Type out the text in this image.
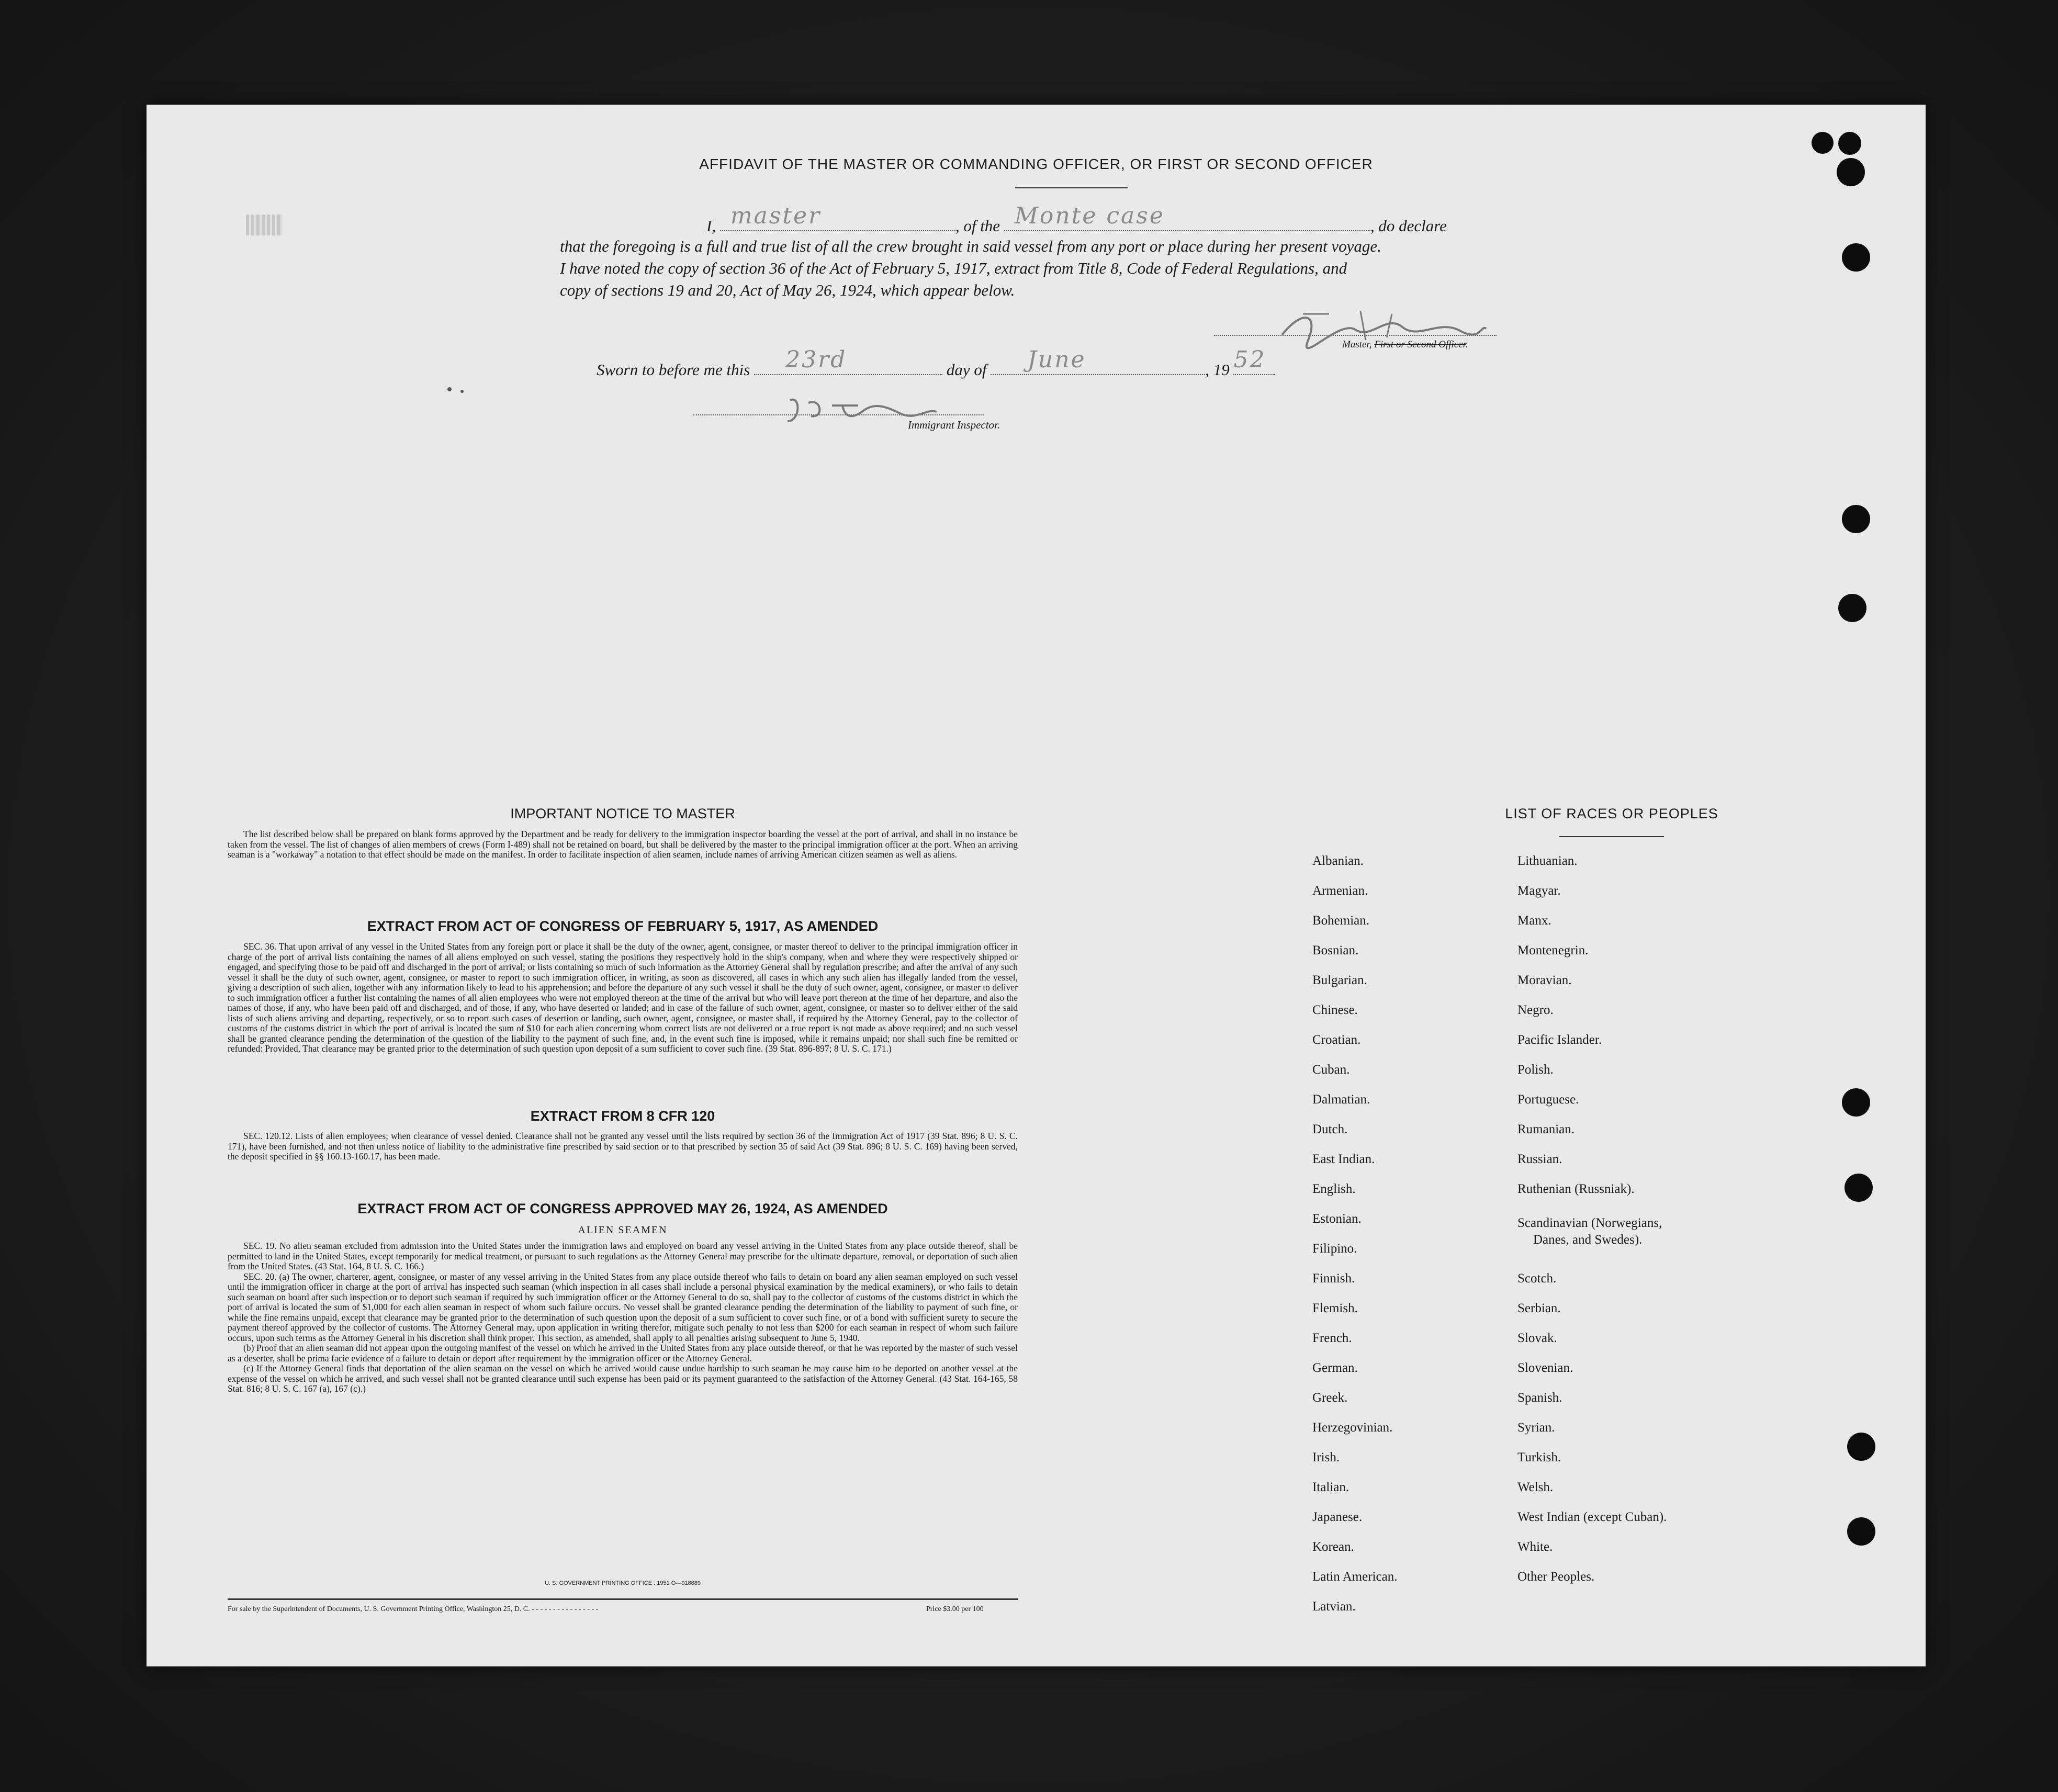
AFFIDAVIT OF THE MASTER OR COMMANDING OFFICER, OR FIRST OR SECOND OFFICER
I, master	, of the Monte case	, do declare
that the foregoing is a full and true list of all the crew brought in said vessel from any port or place during her present voyage.
I have noted the copy of section 36 of the Act of February 5, 1917, extract from Title 8, Code of Federal Regulations, and
copy of sections 19 and 20, Act of May 26, 1924, which appear below.
Master, First or Second Officer.
Sworn to before me this 23rd	day of June	, 19 52
Immigrant Inspector.
IMPORTANT NOTICE TO MASTER

The list described below shall be prepared on blank forms approved by the Department and be ready for delivery to the immigration inspector boarding the vessel at the port of arrival, and shall in no instance be taken from the vessel. The list of changes of alien members of crews (Form I-489) shall not be retained on board, but shall be delivered by the master to the principal immigration officer at the port. When an arriving seaman is a "workaway" a notation to that effect should be made on the manifest. In order to facilitate inspection of alien seamen, include names of arriving American citizen seamen as well as aliens.

EXTRACT FROM ACT OF CONGRESS OF FEBRUARY 5, 1917, AS AMENDED

SEC. 36. That upon arrival of any vessel in the United States from any foreign port or place it shall be the duty of the owner, agent, consignee, or master thereof to deliver to the principal immigration officer in charge of the port of arrival lists containing the names of all aliens employed on such vessel, stating the positions they respectively hold in the ship's company, when and where they were respectively shipped or engaged, and specifying those to be paid off and discharged in the port of arrival; or lists containing so much of such information as the Attorney General shall by regulation prescribe; and after the arrival of any such vessel it shall be the duty of such owner, agent, consignee, or master to report to such immigration officer, in writing, as soon as discovered, all cases in which any such alien has illegally landed from the vessel, giving a description of such alien, together with any information likely to lead to his apprehension; and before the departure of any such vessel it shall be the duty of such owner, agent, consignee, or master to deliver to such immigration officer a further list containing the names of all alien employees who were not employed thereon at the time of the arrival but who will leave port thereon at the time of her departure, and also the names of those, if any, who have been paid off and discharged, and of those, if any, who have deserted or landed; and in case of the failure of such owner, agent, consignee, or master so to deliver either of the said lists of such aliens arriving and departing, respectively, or so to report such cases of desertion or landing, such owner, agent, consignee, or master shall, if required by the Attorney General, pay to the collector of customs of the customs district in which the port of arrival is located the sum of $10 for each alien concerning whom correct lists are not delivered or a true report is not made as above required; and no such vessel shall be granted clearance pending the determination of the question of the liability to the payment of such fine, and, in the event such fine is imposed, while it remains unpaid; nor shall such fine be remitted or refunded: Provided, That clearance may be granted prior to the determination of such question upon deposit of a sum sufficient to cover such fine. (39 Stat. 896-897; 8 U. S. C. 171.)

EXTRACT FROM 8 CFR 120

SEC. 120.12. Lists of alien employees; when clearance of vessel denied. Clearance shall not be granted any vessel until the lists required by section 36 of the Immigration Act of 1917 (39 Stat. 896; 8 U. S. C. 171), have been furnished, and not then unless notice of liability to the administrative fine prescribed by said section or to that prescribed by section 35 of said Act (39 Stat. 896; 8 U. S. C. 169) having been served, the deposit specified in §§ 160.13-160.17, has been made.

EXTRACT FROM ACT OF CONGRESS APPROVED MAY 26, 1924, AS AMENDED
ALIEN SEAMEN

SEC. 19. No alien seaman excluded from admission into the United States under the immigration laws and employed on board any vessel arriving in the United States from any place outside thereof, shall be permitted to land in the United States, except temporarily for medical treatment, or pursuant to such regulations as the Attorney General may prescribe for the ultimate departure, removal, or deportation of such alien from the United States. (43 Stat. 164, 8 U. S. C. 166.)

SEC. 20. (a) The owner, charterer, agent, consignee, or master of any vessel arriving in the United States from any place outside thereof who fails to detain on board any alien seaman employed on such vessel until the immigration officer in charge at the port of arrival has inspected such seaman (which inspection in all cases shall include a personal physical examination by the medical examiners), or who fails to detain such seaman on board after such inspection or to deport such seaman if required by such immigration officer or the Attorney General to do so, shall pay to the collector of customs of the customs district in which the port of arrival is located the sum of $1,000 for each alien seaman in respect of whom such failure occurs. No vessel shall be granted clearance pending the determination of the liability to payment of such fine, or while the fine remains unpaid, except that clearance may be granted prior to the determination of such question upon the deposit of a sum sufficient to cover such fine, or of a bond with sufficient surety to secure the payment thereof approved by the collector of customs. The Attorney General may, upon application in writing therefor, mitigate such penalty to not less than $200 for each seaman in respect of whom such failure occurs, upon such terms as the Attorney General in his discretion shall think proper. This section, as amended, shall apply to all penalties arising subsequent to June 5, 1940.

(b) Proof that an alien seaman did not appear upon the outgoing manifest of the vessel on which he arrived in the United States from any place outside thereof, or that he was reported by the master of such vessel as a deserter, shall be prima facie evidence of a failure to detain or deport after requirement by the immigration officer or the Attorney General.

(c) If the Attorney General finds that deportation of the alien seaman on the vessel on which he arrived would cause undue hardship to such seaman he may cause him to be deported on another vessel at the expense of the vessel on which he arrived, and such vessel shall not be granted clearance until such expense has been paid or its payment guaranteed to the satisfaction of the Attorney General. (43 Stat. 164-165, 58 Stat. 816; 8 U. S. C. 167 (a), 167 (c).)

U. S. GOVERNMENT PRINTING OFFICE : 1951 O—918889
For sale by the Superintendent of Documents, U. S. Government Printing Office, Washington 25, D. C. - - - - - - - - - - - - - - - -	Price $3.00 per 100
LIST OF RACES OR PEOPLES
Albanian.
Armenian.
Bohemian.
Bosnian.
Bulgarian.
Chinese.
Croatian.
Cuban.
Dalmatian.
Dutch.
East Indian.
English.
Estonian.
Filipino.
Finnish.
Flemish.
French.
German.
Greek.
Herzegovinian.
Irish.
Italian.
Japanese.
Korean.
Latin American.
Latvian.
Lithuanian.
Magyar.
Manx.
Montenegrin.
Moravian.
Negro.
Pacific Islander.
Polish.
Portuguese.
Rumanian.
Russian.
Ruthenian (Russniak).
Scandinavian (Norwegians,
Danes, and Swedes).
Scotch.
Serbian.
Slovak.
Slovenian.
Spanish.
Syrian.
Turkish.
Welsh.
West Indian (except Cuban).
White.
Other Peoples.
